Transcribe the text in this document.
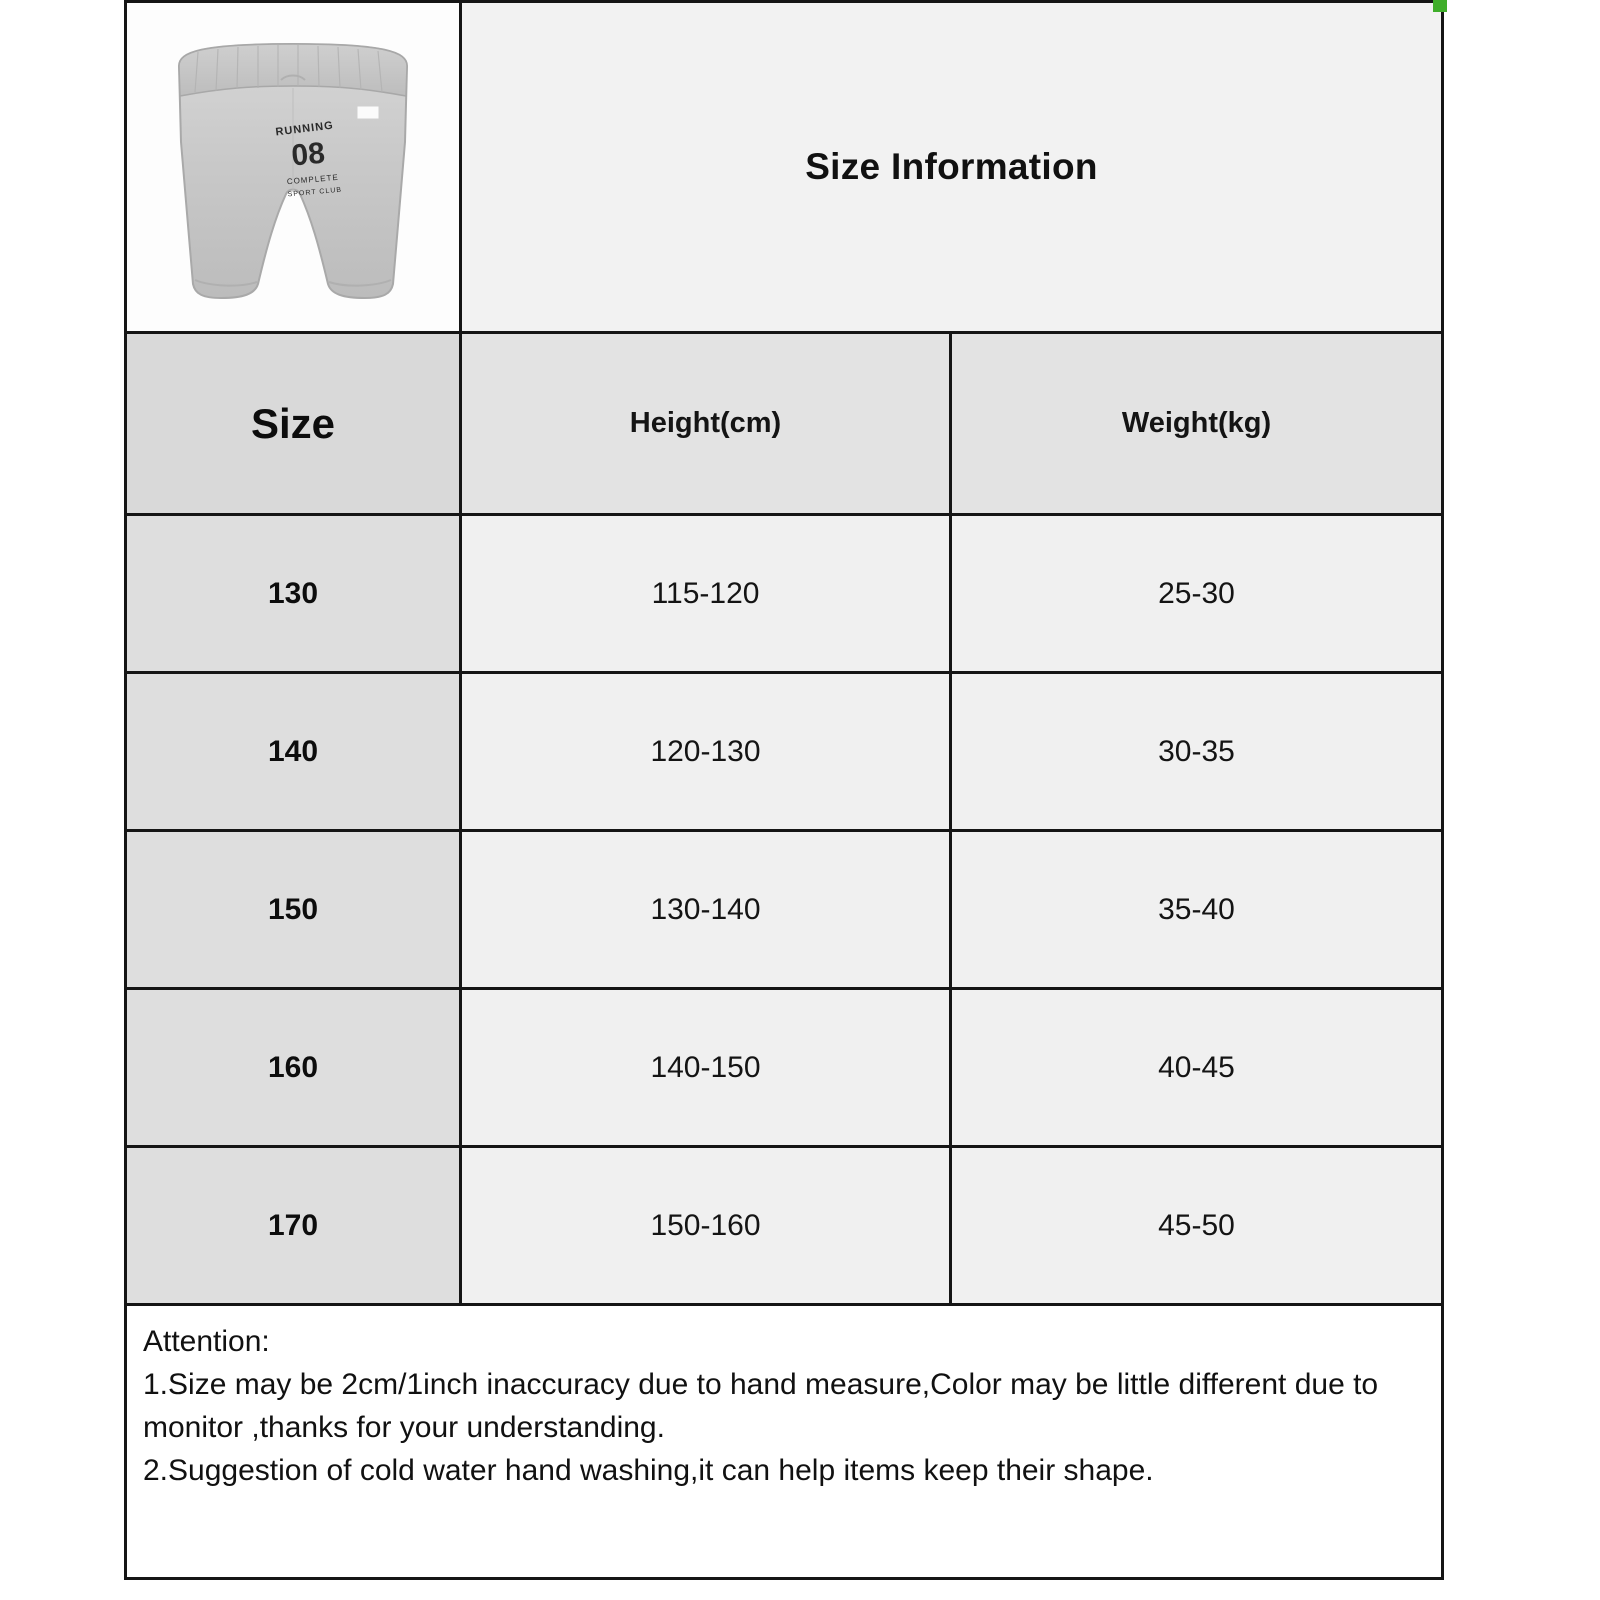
RUNNING
08
COMPLETE
SPORT CLUB
Size Information
Size	Height(cm)	Weight(kg)
130	115-120	25-30
140	120-130	30-35
150	130-140	35-40
160	140-150	40-45
170	150-160	45-50
Attention:
1.Size may be 2cm/1inch inaccuracy due to hand measure,Color may be little different due to monitor ,thanks for your understanding.
2.Suggestion of cold water hand washing,it can help items keep their shape.
